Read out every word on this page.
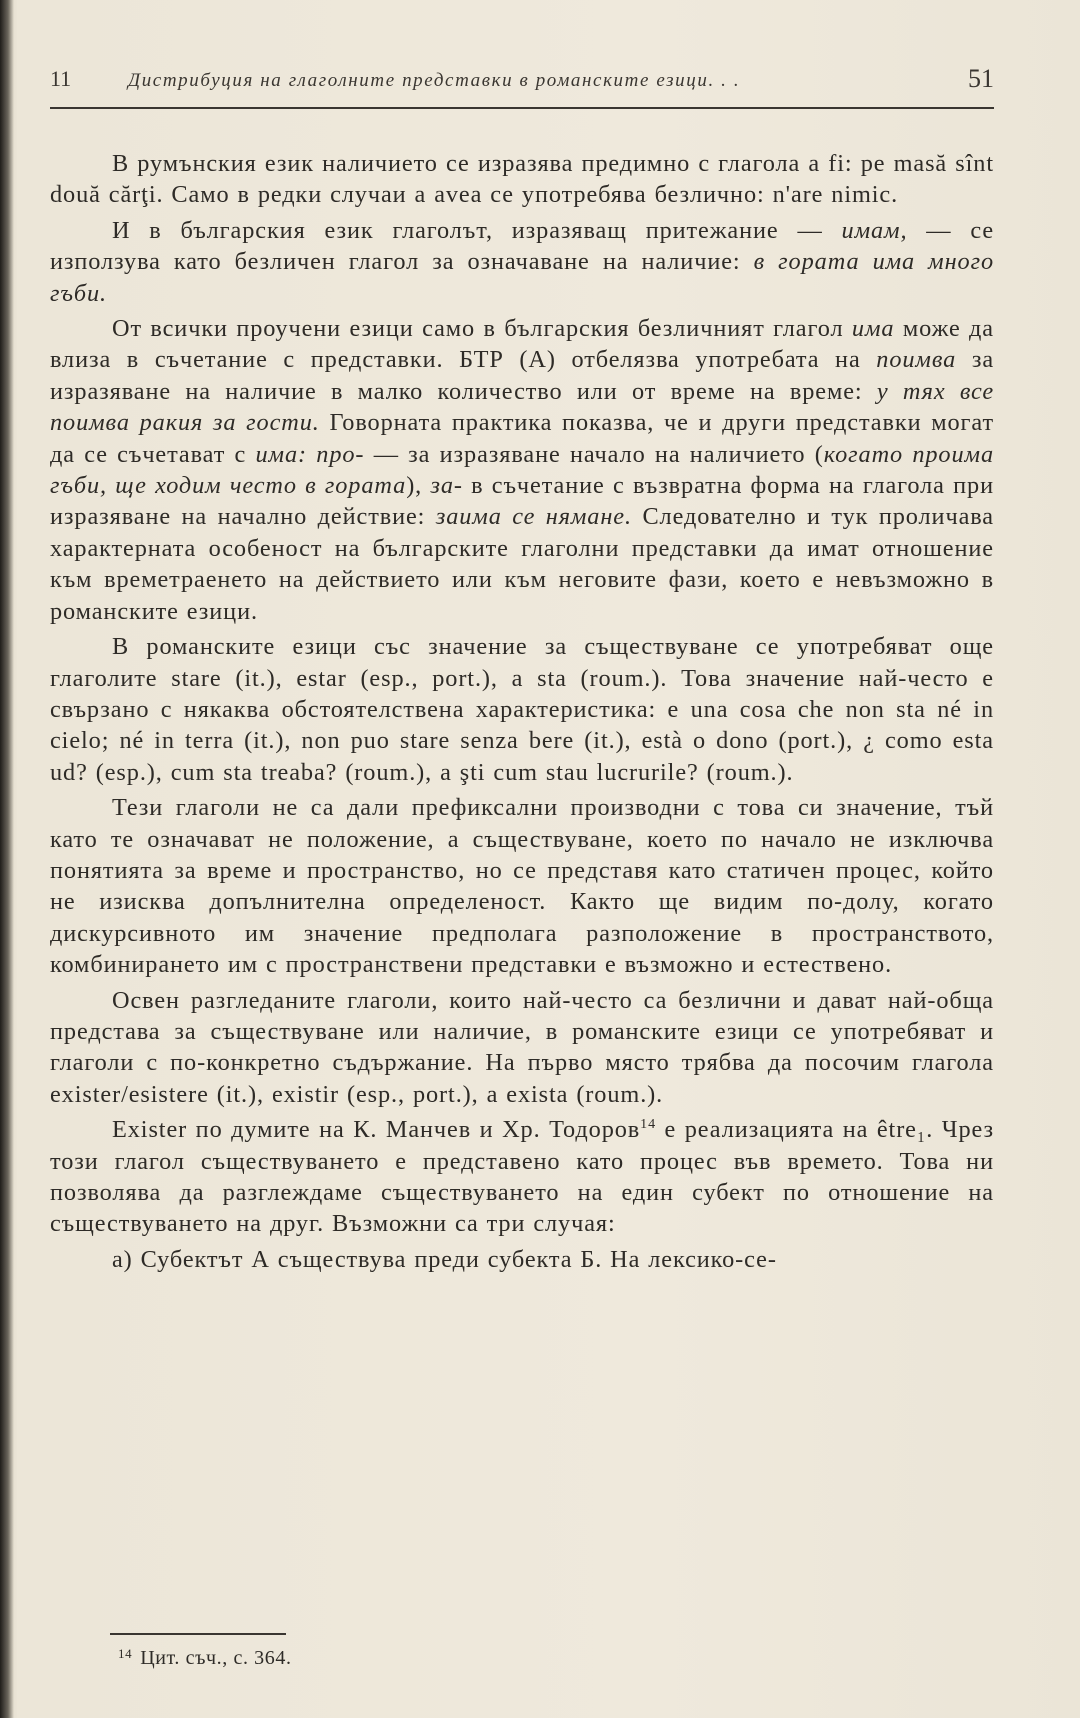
11	Дистрибуция на глаголните представки в романските езици. . .	51

В румънския език наличието се изразява предимно с глагола a fi: pe masă sînt două cărţi. Само в редки случаи a avea се употребява безлично: n'are nimic.

И в българския език глаголът, изразяващ притежание — имам, — се използува като безличен глагол за означаване на наличие: в гората има много гъби.

От всички проучени езици само в българския безличният глагол има може да влиза в съчетание с представки. БТР (А) отбелязва употребата на поимва за изразяване на наличие в малко количество или от време на време: у тях все поимва ракия за гости. Говорната практика показва, че и други представки могат да се съчетават с има: про- — за изразяване начало на наличието (когато проима гъби, ще ходим често в гората), за- в съчетание с възвратна форма на глагола при изразяване на начално действие: заима се нямане. Следователно и тук проличава характерната особеност на българските глаголни представки да имат отношение към времетраенето на действието или към неговите фази, което е невъзможно в романските езици.

В романските езици със значение за съществуване се употребяват още глаголите stare (it.), estar (esp., port.), a sta (roum.). Това значение най-често е свързано с някаква обстоятелствена характеристика: e una cosa che non sta né in cielo; né in terra (it.), non puo stare senza bere (it.), està o dono (port.), ¿ como esta ud? (esp.), cum sta treaba? (roum.), a şti cum stau lucrurile? (roum.).

Тези глаголи не са дали префиксални производни с това си значение, тъй като те означават не положение, а съществуване, което по начало не изключва понятията за време и пространство, но се представя като статичен процес, който не изисква допълнителна определеност. Както ще видим по-долу, когато дискурсивното им значение предполага разположение в пространството, комбинирането им с пространствени представки е възможно и естествено.

Освен разгледаните глаголи, които най-често са безлични и дават най-обща представа за съществуване или наличие, в романските езици се употребяват и глаголи с по-конкретно съдържание. На първо място трябва да посочим глагола exister/esistere (it.), existir (esp., port.), a exista (roum.).

Exister по думите на К. Манчев и Хр. Тодоров$^{14}$ е реализацията на être₁. Чрез този глагол съществуването е представено като процес във времето. Това ни позволява да разглеждаме съществуването на един субект по отношение на съществуването на друг. Възможни са три случая:

а) Субектът А съществува преди субекта Б. На лексико-се-

$^{14}$ Цит. съч., с. 364.
